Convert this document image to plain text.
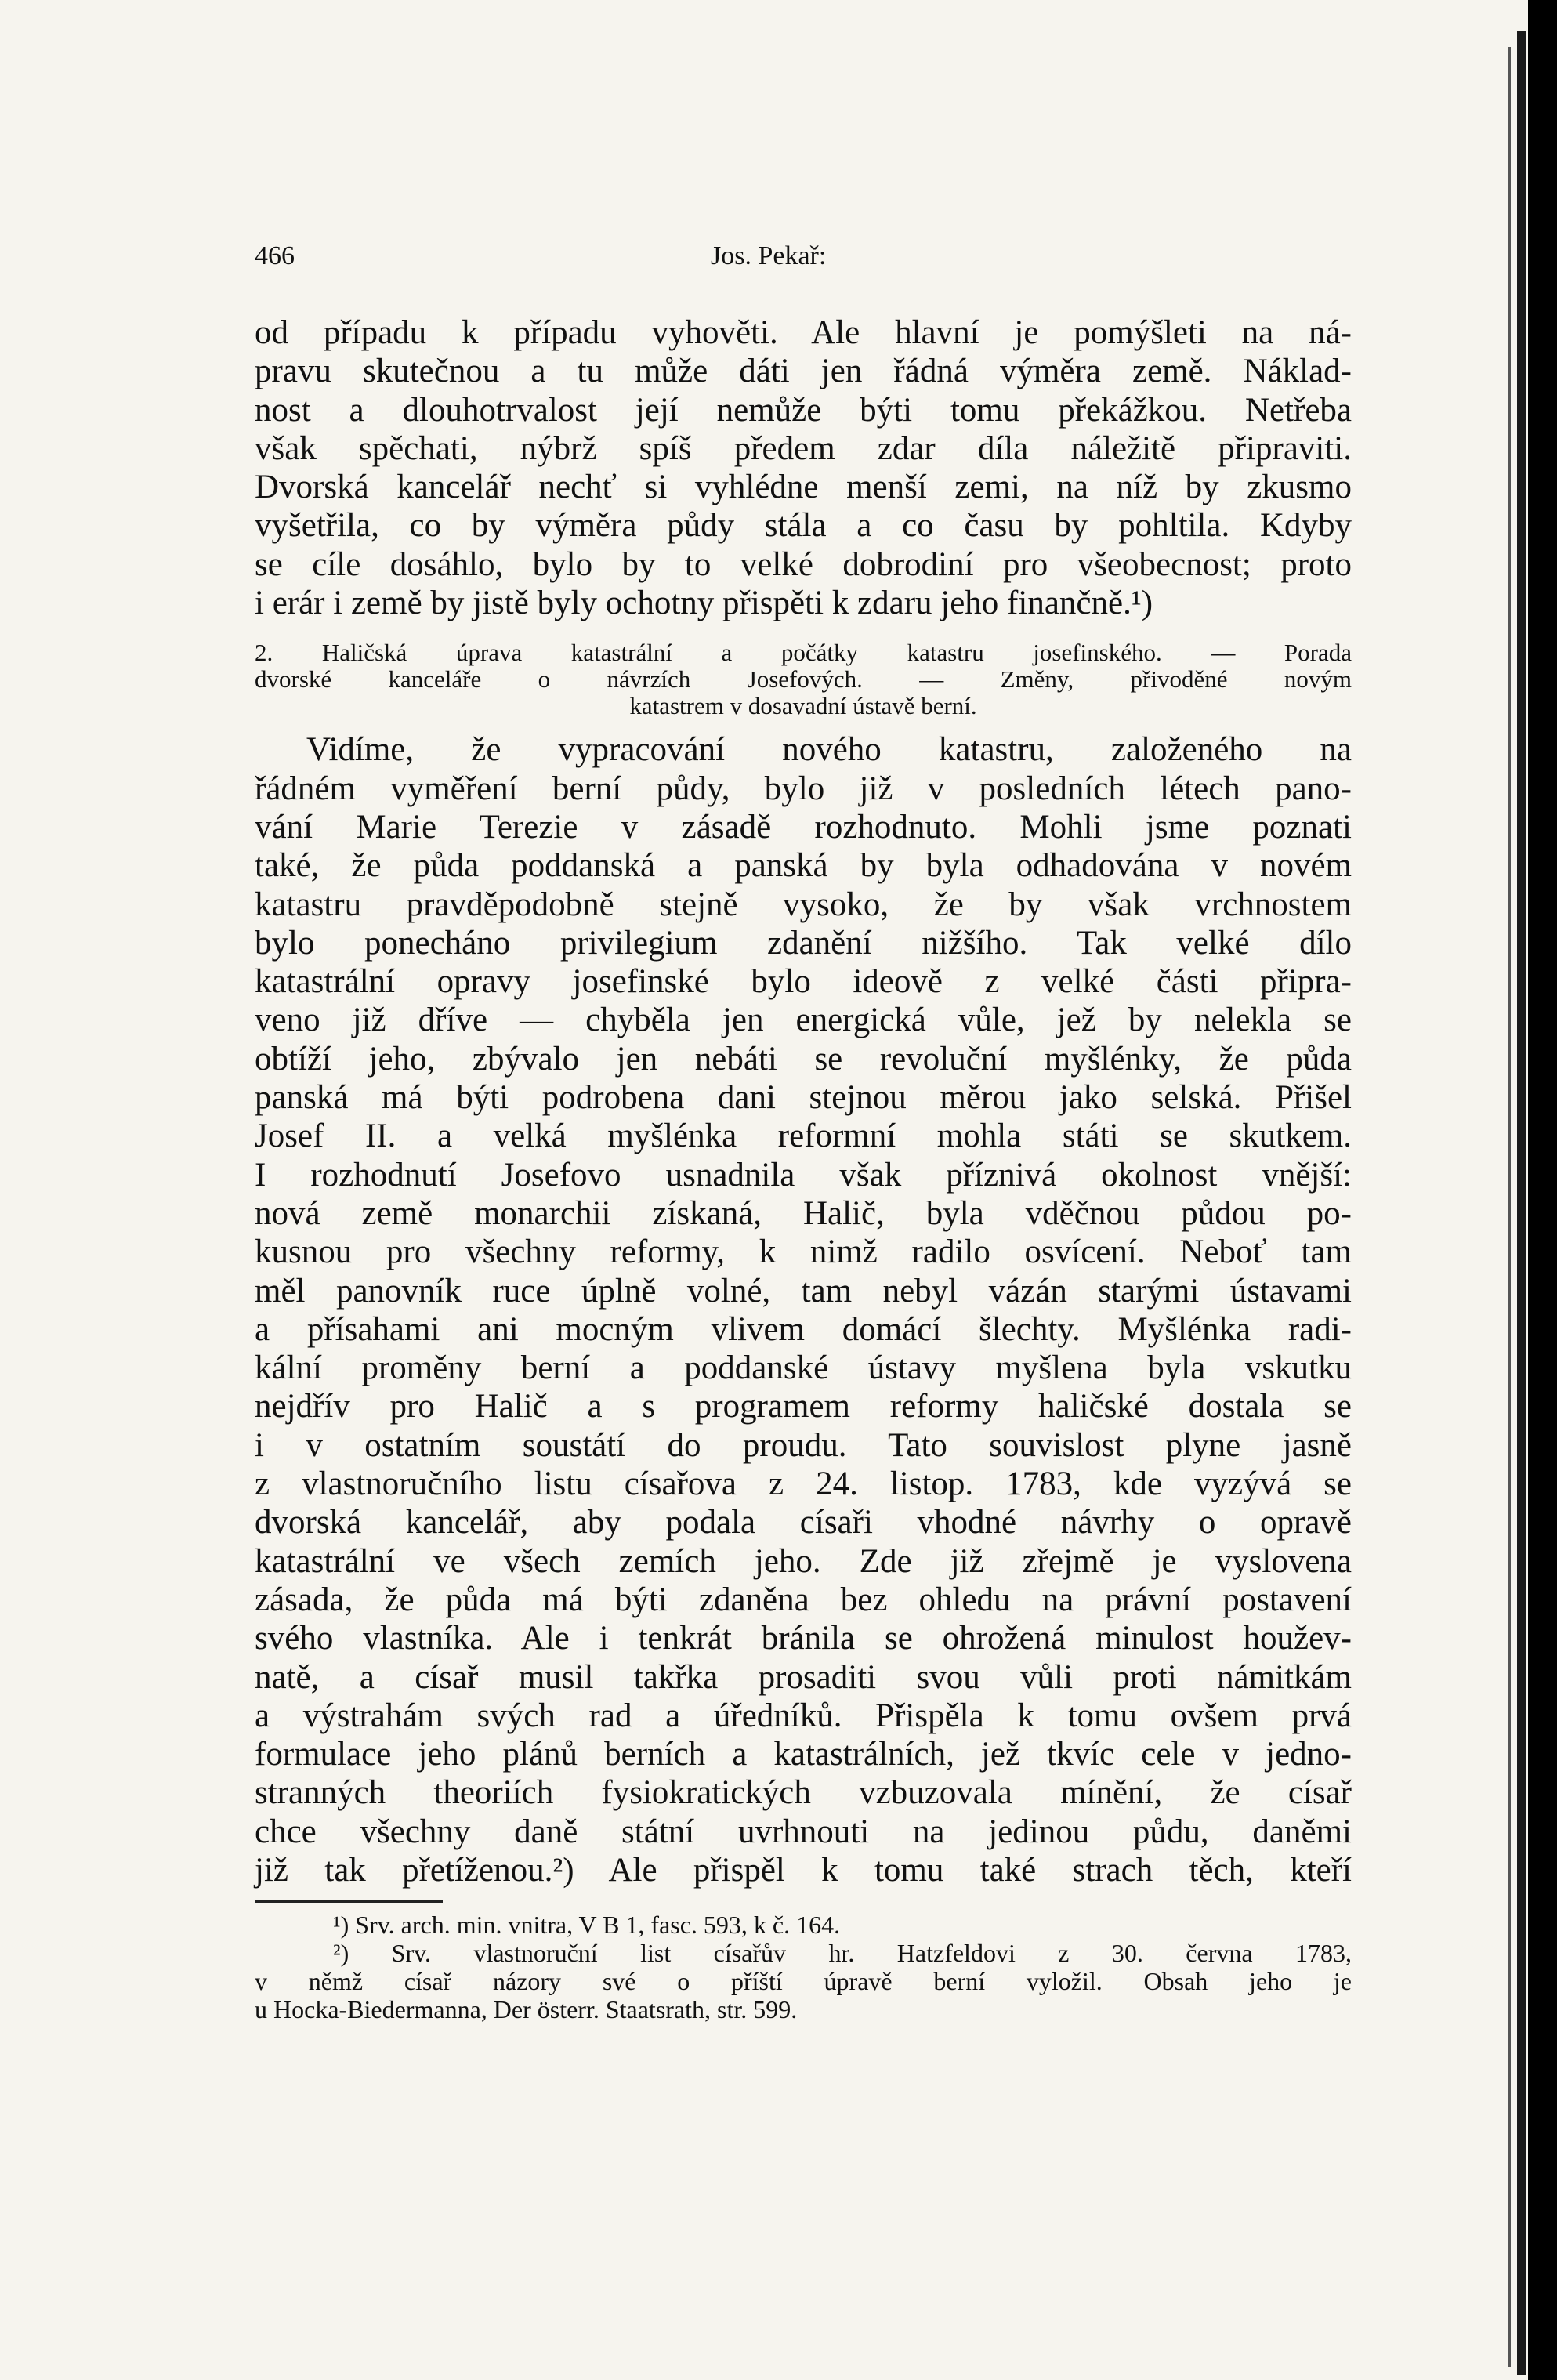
466	Jos. Pekař:
od případu k případu vyhověti. Ale hlavní je pomýšleti na ná-
pravu skutečnou a tu může dáti jen řádná výměra země. Náklad-
nost a dlouhotrvalost její nemůže býti tomu překážkou. Netřeba
však spěchati, nýbrž spíš předem zdar díla náležitě připraviti.
Dvorská kancelář nechť si vyhlédne menší zemi, na níž by zkusmo
vyšetřila, co by výměra půdy stála a co času by pohltila. Kdyby
se cíle dosáhlo, bylo by to velké dobrodiní pro všeobecnost; proto
i erár i země by jistě byly ochotny přispěti k zdaru jeho finančně.¹)
2. Haličská úprava katastrální a počátky katastru josefinského. — Porada
dvorské kanceláře o návrzích Josefových. — Změny, přivoděné novým
katastrem v dosavadní ústavě berní.
Vidíme, že vypracování nového katastru, založeného na
řádném vyměření berní půdy, bylo již v posledních létech pano-
vání Marie Terezie v zásadě rozhodnuto. Mohli jsme poznati
také, že půda poddanská a panská by byla odhadována v novém
katastru pravděpodobně stejně vysoko, že by však vrchnostem
bylo ponecháno privilegium zdanění nižšího. Tak velké dílo
katastrální opravy josefinské bylo ideově z velké části připra-
veno již dříve — chyběla jen energická vůle, jež by nelekla se
obtíží jeho, zbývalo jen nebáti se revoluční myšlénky, že půda
panská má býti podrobena dani stejnou měrou jako selská. Přišel
Josef II. a velká myšlénka reformní mohla státi se skutkem.
I rozhodnutí Josefovo usnadnila však příznivá okolnost vnější:
nová země monarchii získaná, Halič, byla vděčnou půdou po-
kusnou pro všechny reformy, k nimž radilo osvícení. Neboť tam
měl panovník ruce úplně volné, tam nebyl vázán starými ústavami
a přísahami ani mocným vlivem domácí šlechty. Myšlénka radi-
kální proměny berní a poddanské ústavy myšlena byla vskutku
nejdřív pro Halič a s programem reformy haličské dostala se
i v ostatním soustátí do proudu. Tato souvislost plyne jasně
z vlastnoručního listu císařova z 24. listop. 1783, kde vyzývá se
dvorská kancelář, aby podala císaři vhodné návrhy o opravě
katastrální ve všech zemích jeho. Zde již zřejmě je vyslovena
zásada, že půda má býti zdaněna bez ohledu na právní postavení
svého vlastníka. Ale i tenkrát bránila se ohrožená minulost houžev-
natě, a císař musil takřka prosaditi svou vůli proti námitkám
a výstrahám svých rad a úředníků. Přispěla k tomu ovšem prvá
formulace jeho plánů berních a katastrálních, jež tkvíc cele v jedno-
stranných theoriích fysiokratických vzbuzovala mínění, že císař
chce všechny daně státní uvrhnouti na jedinou půdu, daněmi
již tak přetíženou.²) Ale přispěl k tomu také strach těch, kteří
¹) Srv. arch. min. vnitra, V B 1, fasc. 593, k č. 164.
²) Srv. vlastnoruční list císařův hr. Hatzfeldovi z 30. června 1783,
v němž císař názory své o příští úpravě berní vyložil. Obsah jeho je
u Hocka-Biedermanna, Der österr. Staatsrath, str. 599.
